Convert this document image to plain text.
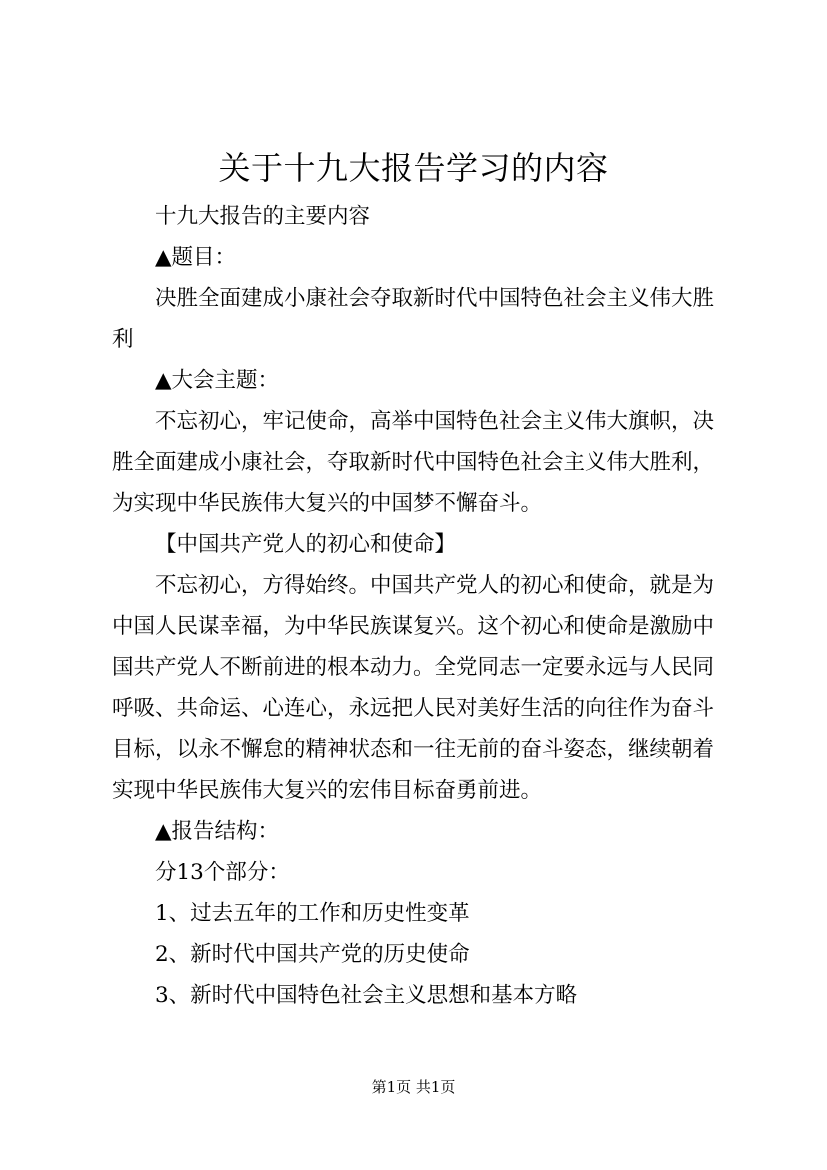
关于十九大报告学习的内容

十九大报告的主要内容

▲题目：

决胜全面建成小康社会夺取新时代中国特色社会主义伟大胜利

▲大会主题：

不忘初心，牢记使命，高举中国特色社会主义伟大旗帜，决胜全面建成小康社会，夺取新时代中国特色社会主义伟大胜利，为实现中华民族伟大复兴的中国梦不懈奋斗。

【中国共产党人的初心和使命】

不忘初心，方得始终。中国共产党人的初心和使命，就是为中国人民谋幸福，为中华民族谋复兴。这个初心和使命是激励中国共产党人不断前进的根本动力。全党同志一定要永远与人民同呼吸、共命运、心连心，永远把人民对美好生活的向往作为奋斗目标，以永不懈怠的精神状态和一往无前的奋斗姿态，继续朝着实现中华民族伟大复兴的宏伟目标奋勇前进。

▲报告结构：

分13个部分：

1、过去五年的工作和历史性变革

2、新时代中国共产党的历史使命

3、新时代中国特色社会主义思想和基本方略

第1页 共1页
